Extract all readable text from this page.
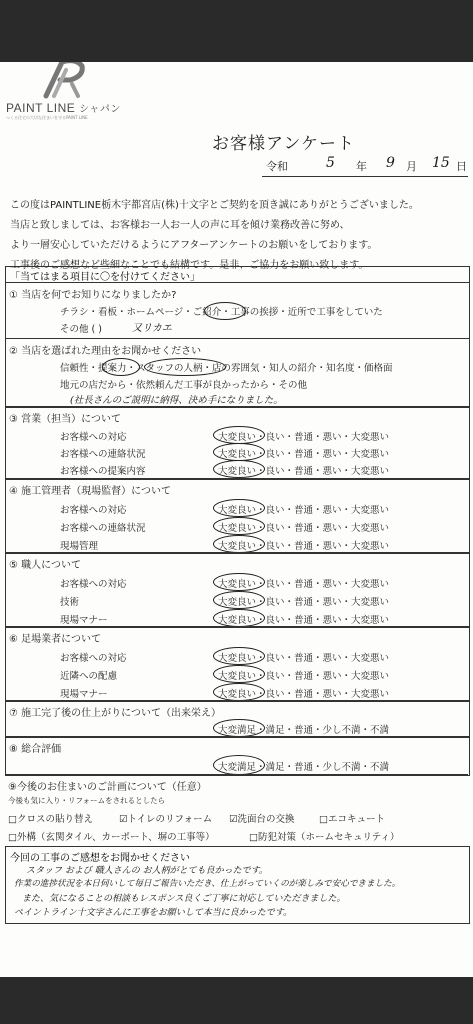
PAINT LINE シャパン
つくる住宅の大切な住まいを守るPAINT LINE
お客様アンケート
令和	5 年 9 月 15 日
この度はPAINTLINE栃木宇都宮店(株)十文字とご契約を頂き誠にありがとうございました。
当店と致しましては、お客様お一人お一人の声に耳を傾け業務改善に努め、
より一層安心していただけるようにアフターアンケートのお願いをしております。
工事後のご感想など些細なことでも結構です。是非、ご協力をお願い致します。
「当てはまる項目に〇を付けてください」
① 当店を何でお知りになりましたか?
チラシ・看板・ホームページ・ご紹介・工事の挨拶・近所で工事をしていた
その他 ( )	又リカエ
② 当店を選ばれた理由をお聞かせください
信頼性・提案力・スタッフの人柄・店の雰囲気・知人の紹介・知名度・価格面
地元の店だから・依然頼んだ工事が良かったから・その他
(社長さんのご説明に納得、決め手になりました。
③ 営業（担当）について
お客様への対応	大変良い・良い・普通・悪い・大変悪い
お客様への連絡状況	大変良い・良い・普通・悪い・大変悪い
お客様への提案内容	大変良い・良い・普通・悪い・大変悪い
④ 施工管理者（現場監督）について
お客様への対応	大変良い・良い・普通・悪い・大変悪い
お客様への連絡状況	大変良い・良い・普通・悪い・大変悪い
現場管理	大変良い・良い・普通・悪い・大変悪い
⑤ 職人について
お客様への対応	大変良い・良い・普通・悪い・大変悪い
技術	大変良い・良い・普通・悪い・大変悪い
現場マナー	大変良い・良い・普通・悪い・大変悪い
⑥ 足場業者について
お客様への対応	大変良い・良い・普通・悪い・大変悪い
近隣への配慮	大変良い・良い・普通・悪い・大変悪い
現場マナー	大変良い・良い・普通・悪い・大変悪い
⑦ 施工完了後の仕上がりについて（出来栄え）
大変満足・満足・普通・少し不満・不満
⑧ 総合評価
大変満足・満足・普通・少し不満・不満
⑨今後のお住まいのご計画について（任意）
今後も気に入り・リフォームをされるとしたら
□クロスの貼り替え	☑トイレのリフォーム ☑洗面台の交換	□エコキュート
□外構（玄関タイル、カーポート、塀の工事等）	□防犯対策（ホームセキュリティ）
今回の工事のご感想をお聞かせください
スタッフ および 職人さんの お人柄がとても良かったです。
作業の進捗状況を本日伺いして毎日ご報告いただき、仕上がっていくのが楽しみで安心できました。
また、気になることの相談もレスポンス良くご丁寧に対応していただきました。
ペイントライン十文字さんに工事をお願いして本当に良かったです。
